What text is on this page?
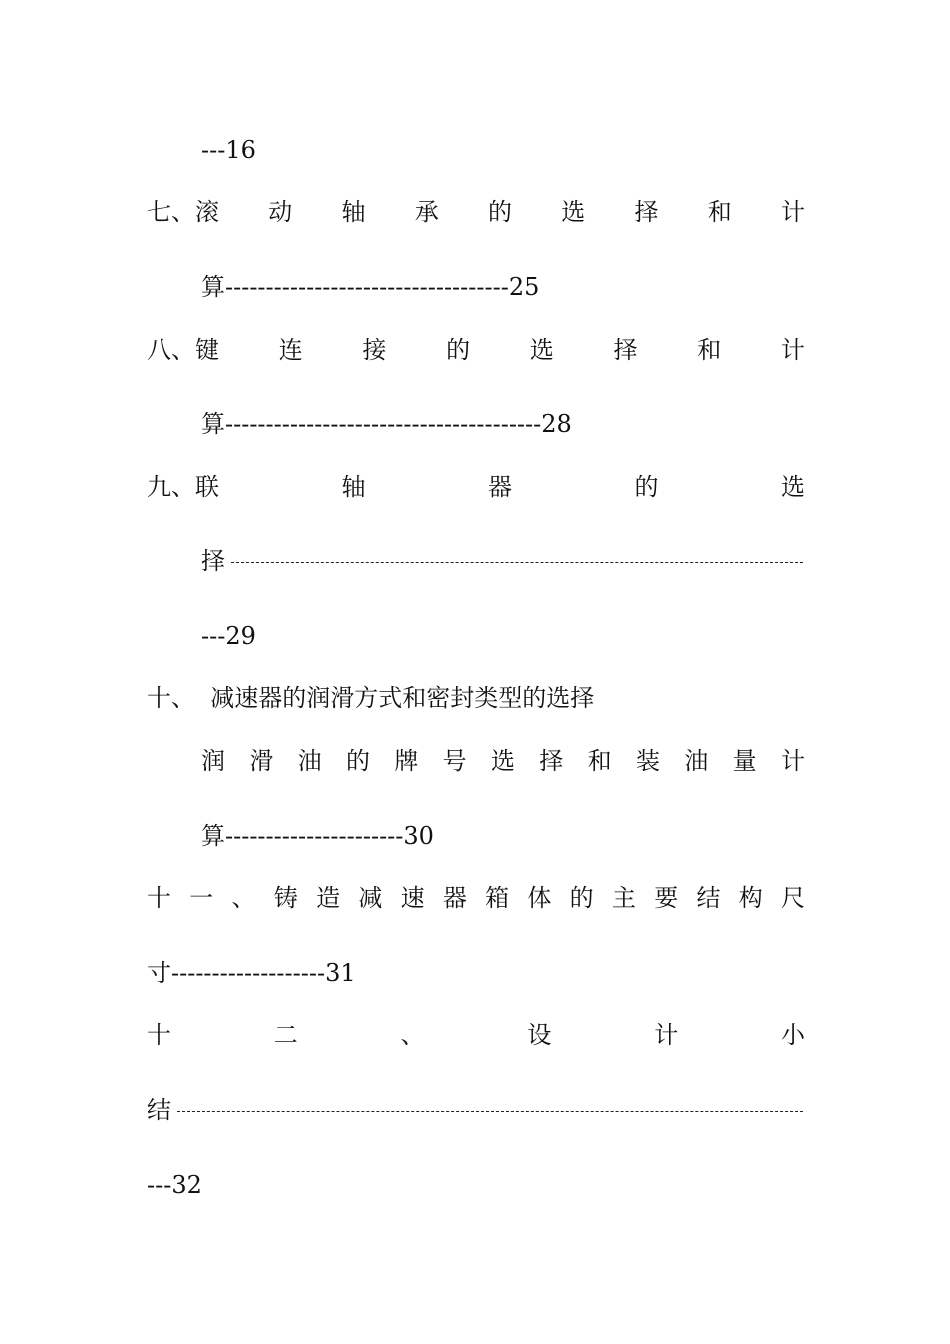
---16
七、滚 动 轴 承 的 选 择 和 计
算-----------------------------------25
八、键 连 接 的 选 择 和 计
算---------------------------------------28
九、联	轴	器	的	选
择
---29
十、  减速器的润滑方式和密封类型的选择
润 滑 油 的 牌 号 选 择 和 装 油 量 计
算----------------------30
十 一 、 铸 造 减 速 器 箱 体 的 主 要 结 构 尺
寸-------------------31
十	二	、	设	计	小
结
---32
